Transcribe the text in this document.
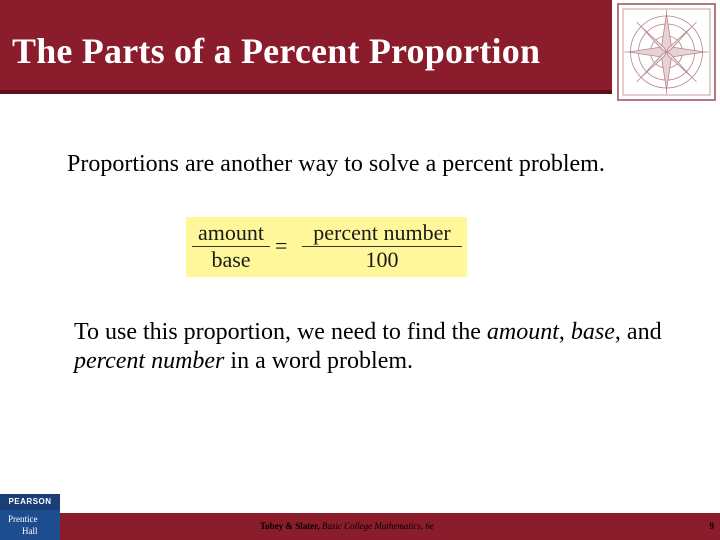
The Parts of a Percent Proportion
Proportions are another way to solve a percent problem.
amount
base
=
percent number
100
To use this proportion, we need to find the amount, base, and percent number in a word problem.
Tobey & Slater, Basic College Mathematics, 6e	9
PEARSON
Prentice
Hall
